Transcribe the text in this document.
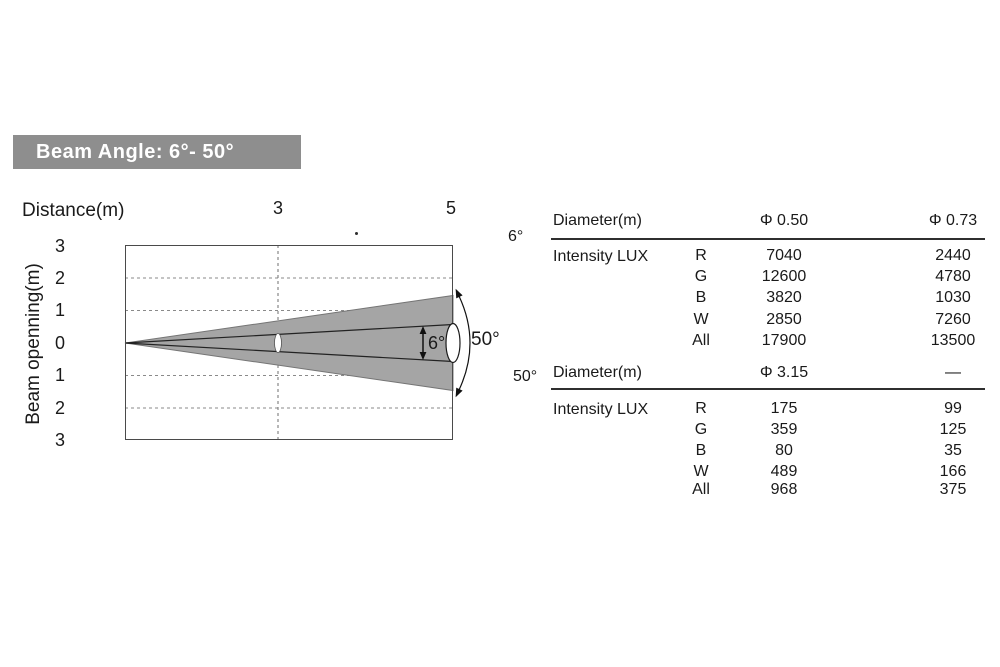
Beam Angle: 6°- 50°
Distance(m)	3	5
Beam openning(m)
3
2
1
0
1
2
3
6° 50°
6°
Diameter(m)	Φ 0.50	Φ 0.73
Intensity LUX	R	7040	2440
G	12600	4780
B	3820	1030
W	2850	7260
All	17900	13500
50° Diameter(m)	Φ 3.15	—
Intensity LUX	R	175	99
G	359	125
B	80	35
W	489	166
All	968	375
